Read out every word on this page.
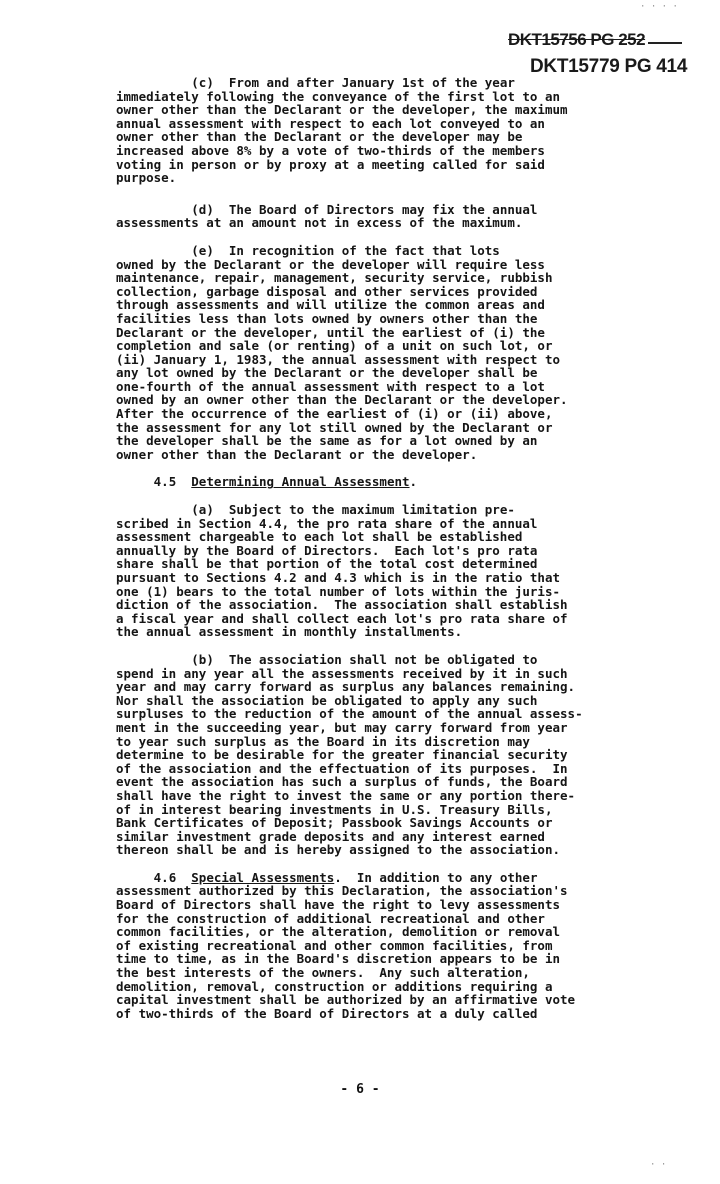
· · · ·
DKT15756 PG 252
DKT15779 PG 414

(c)  From and after January 1st of the year
immediately following the conveyance of the first lot to an
owner other than the Declarant or the developer, the maximum
annual assessment with respect to each lot conveyed to an
owner other than the Declarant or the developer may be
increased above 8% by a vote of two-thirds of the members
voting in person or by proxy at a meeting called for said
purpose.

(d)  The Board of Directors may fix the annual
assessments at an amount not in excess of the maximum.

(e)  In recognition of the fact that lots
owned by the Declarant or the developer will require less
maintenance, repair, management, security service, rubbish
collection, garbage disposal and other services provided
through assessments and will utilize the common areas and
facilities less than lots owned by owners other than the
Declarant or the developer, until the earliest of (i) the
completion and sale (or renting) of a unit on such lot, or
(ii) January 1, 1983, the annual assessment with respect to
any lot owned by the Declarant or the developer shall be
one-fourth of the annual assessment with respect to a lot
owned by an owner other than the Declarant or the developer.
After the occurrence of the earliest of (i) or (ii) above,
the assessment for any lot still owned by the Declarant or
the developer shall be the same as for a lot owned by an
owner other than the Declarant or the developer.

4.5  Determining Annual Assessment.

(a)  Subject to the maximum limitation pre-
scribed in Section 4.4, the pro rata share of the annual
assessment chargeable to each lot shall be established
annually by the Board of Directors.  Each lot's pro rata
share shall be that portion of the total cost determined
pursuant to Sections 4.2 and 4.3 which is in the ratio that
one (1) bears to the total number of lots within the juris-
diction of the association.  The association shall establish
a fiscal year and shall collect each lot's pro rata share of
the annual assessment in monthly installments.

(b)  The association shall not be obligated to
spend in any year all the assessments received by it in such
year and may carry forward as surplus any balances remaining.
Nor shall the association be obligated to apply any such
surpluses to the reduction of the amount of the annual assess-
ment in the succeeding year, but may carry forward from year
to year such surplus as the Board in its discretion may
determine to be desirable for the greater financial security
of the association and the effectuation of its purposes.  In
event the association has such a surplus of funds, the Board
shall have the right to invest the same or any portion there-
of in interest bearing investments in U.S. Treasury Bills,
Bank Certificates of Deposit; Passbook Savings Accounts or
similar investment grade deposits and any interest earned
thereon shall be and is hereby assigned to the association.

4.6  Special Assessments.  In addition to any other
assessment authorized by this Declaration, the association's
Board of Directors shall have the right to levy assessments
for the construction of additional recreational and other
common facilities, or the alteration, demolition or removal
of existing recreational and other common facilities, from
time to time, as in the Board's discretion appears to be in
the best interests of the owners.  Any such alteration,
demolition, removal, construction or additions requiring a
capital investment shall be authorized by an affirmative vote
of two-thirds of the Board of Directors at a duly called

- 6 -
· ·
